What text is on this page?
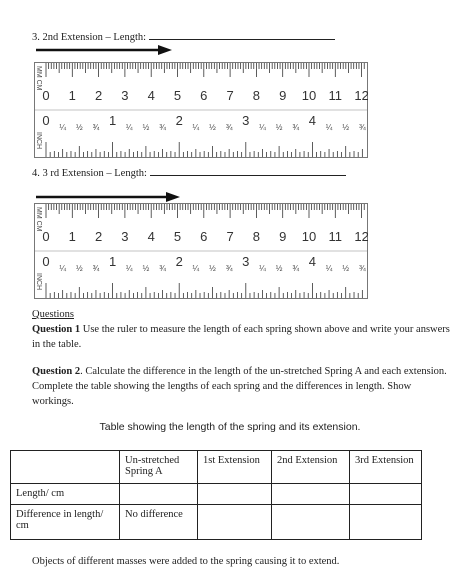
3. 2nd Extension – Length:
MM CM
INCH
0 1 2 3 4 5 6 7 8 9 10 11 12
0	1	2	3	4
¼ ½ ¾	¼ ½ ¾	¼ ½ ¾	¼ ½ ¾	¼ ½ ¾
4. 3 rd Extension – Length:
MM CM
INCH
0 1 2 3 4 5 6 7 8 9 10 11 12
0	1	2	3	4
¼ ½ ¾	¼ ½ ¾	¼ ½ ¾	¼ ½ ¾	¼ ½ ¾
Questions
Question 1 Use the ruler to measure the length of each spring shown above and write your answers in the table.
Question 2. Calculate the difference in the length of the un-stretched Spring A and each extension. Complete the table showing the lengths of each spring and the differences in length. Show workings.
Table showing the length of the spring and its extension.
	Un-stretched Spring A	1st Extension	2nd Extension	3rd Extension
Length/ cm				
Difference in length/ cm	No difference			
Objects of different masses were added to the spring causing it to extend.
